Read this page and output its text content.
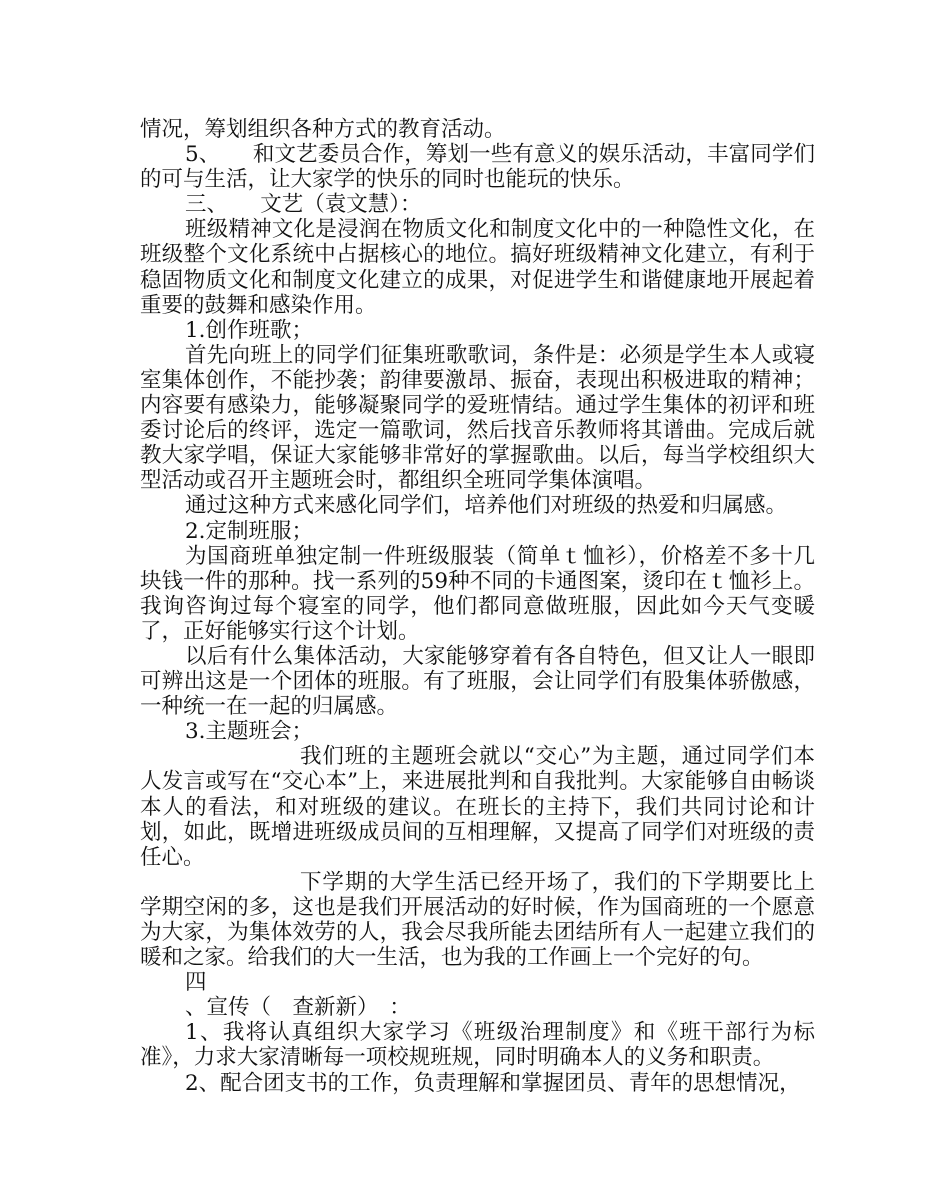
情况，筹划组织各种方式的教育活动。

5、　　和文艺委员合作，筹划一些有意义的娱乐活动，丰富同学们的可与生活，让大家学的快乐的同时也能玩的快乐。

三、　　文艺（袁文慧）：

班级精神文化是浸润在物质文化和制度文化中的一种隐性文化，在班级整个文化系统中占据核心的地位。搞好班级精神文化建立，有利于稳固物质文化和制度文化建立的成果，对促进学生和谐健康地开展起着重要的鼓舞和感染作用。

1.创作班歌；

首先向班上的同学们征集班歌歌词，条件是：必须是学生本人或寝室集体创作，不能抄袭；韵律要激昂、振奋，表现出积极进取的精神；内容要有感染力，能够凝聚同学的爱班情结。通过学生集体的初评和班委讨论后的终评，选定一篇歌词，然后找音乐教师将其谱曲。完成后就教大家学唱，保证大家能够非常好的掌握歌曲。以后，每当学校组织大型活动或召开主题班会时，都组织全班同学集体演唱。

通过这种方式来感化同学们，培养他们对班级的热爱和归属感。

2.定制班服；

为国商班单独定制一件班级服装（简单ｔ恤衫），价格差不多十几块钱一件的那种。找一系列的59种不同的卡通图案，烫印在ｔ恤衫上。我询咨询过每个寝室的同学，他们都同意做班服，因此如今天气变暖了，正好能够实行这个计划。

以后有什么集体活动，大家能够穿着有各自特色，但又让人一眼即可辨出这是一个团体的班服。有了班服，会让同学们有股集体骄傲感，一种统一在一起的归属感。

3.主题班会；

我们班的主题班会就以“交心”为主题，通过同学们本人发言或写在“交心本”上，来进展批判和自我批判。大家能够自由畅谈本人的看法，和对班级的建议。在班长的主持下，我们共同讨论和计划，如此，既增进班级成员间的互相理解，又提高了同学们对班级的责任心。

下学期的大学生活已经开场了，我们的下学期要比上学期空闲的多，这也是我们开展活动的好时候，作为国商班的一个愿意为大家，为集体效劳的人，我会尽我所能去团结所有人一起建立我们的暖和之家。给我们的大一生活，也为我的工作画上一个完好的句。

四

、宣传（　查新新）　：

1、我将认真组织大家学习《班级治理制度》和《班干部行为标准》，力求大家清晰每一项校规班规，同时明确本人的义务和职责。

2、配合团支书的工作，负责理解和掌握团员、青年的思想情况，
